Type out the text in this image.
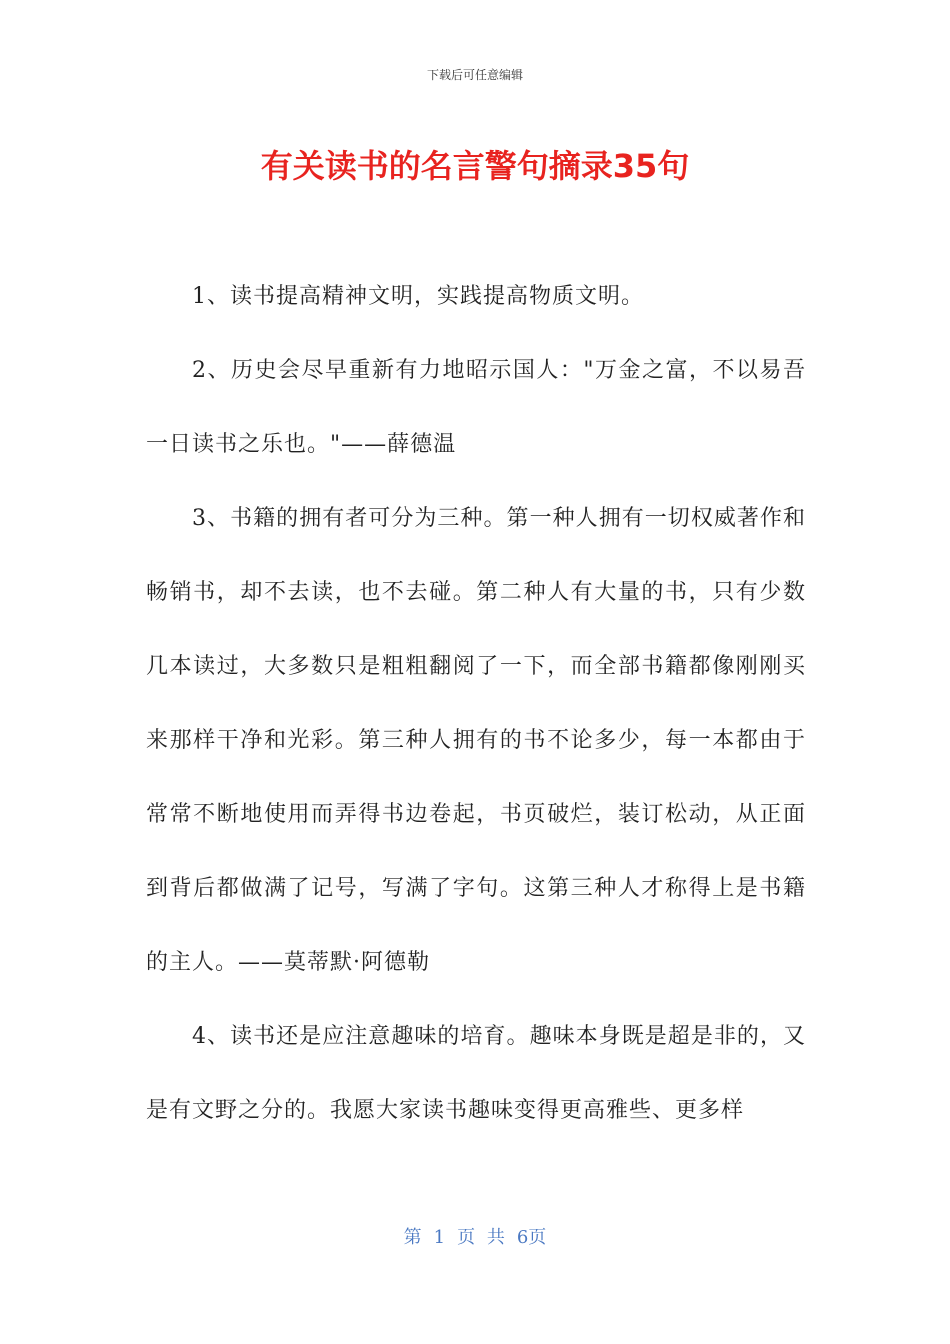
下载后可任意编辑
有关读书的名言警句摘录35句

1、读书提高精神文明，实践提高物质文明。

2、历史会尽早重新有力地昭示国人："万金之富，不以易吾一日读书之乐也。"——薛德温

3、书籍的拥有者可分为三种。第一种人拥有一切权威著作和畅销书，却不去读，也不去碰。第二种人有大量的书，只有少数几本读过，大多数只是粗粗翻阅了一下，而全部书籍都像刚刚买来那样干净和光彩。第三种人拥有的书不论多少，每一本都由于常常不断地使用而弄得书边卷起，书页破烂，装订松动，从正面到背后都做满了记号，写满了字句。这第三种人才称得上是书籍的主人。——莫蒂默·阿德勒

4、读书还是应注意趣味的培育。趣味本身既是超是非的，又是有文野之分的。我愿大家读书趣味变得更高雅些、更多样

第 1 页 共 6页
